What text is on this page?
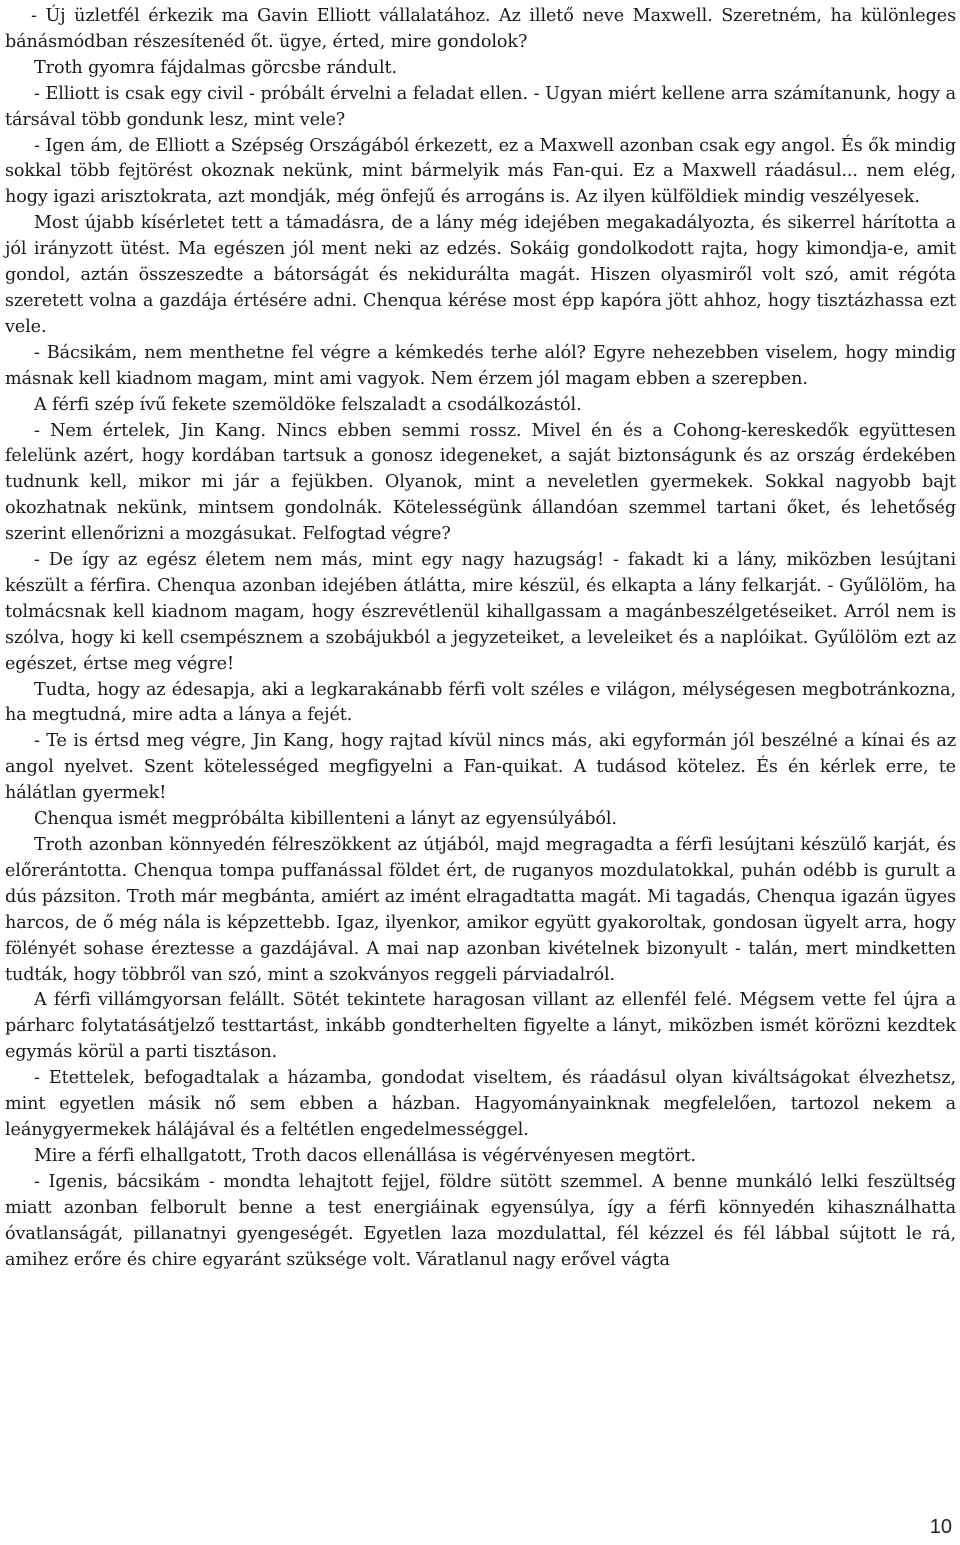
- Új üzletfél érkezik ma Gavin Elliott vállalatához. Az illető neve Maxwell. Szeretném, ha különleges bánásmódban részesítenéd őt. ügye, érted, mire gondolok?

Troth gyomra fájdalmas görcsbe rándult.

- Elliott is csak egy civil - próbált érvelni a feladat ellen. - Ugyan miért kellene arra számítanunk, hogy a társával több gondunk lesz, mint vele?

- Igen ám, de Elliott a Szépség Országából érkezett, ez a Maxwell azonban csak egy angol. És ők mindig sokkal több fejtörést okoznak nekünk, mint bármelyik más Fan-qui. Ez a Maxwell ráadásul... nem elég, hogy igazi arisztokrata, azt mondják, még önfejű és arrogáns is. Az ilyen külföldiek mindig veszélyesek.

Most újabb kísérletet tett a támadásra, de a lány még idejében megakadályozta, és sikerrel hárította a jól irányzott ütést. Ma egészen jól ment neki az edzés. Sokáig gondolkodott rajta, hogy kimondja-e, amit gondol, aztán összeszedte a bátorságát és nekidurálta magát. Hiszen olyasmiről volt szó, amit régóta szeretett volna a gazdája értésére adni. Chenqua kérése most épp kapóra jött ahhoz, hogy tisztázhassa ezt vele.

- Bácsikám, nem menthetne fel végre a kémkedés terhe alól? Egyre nehezebben viselem, hogy mindig másnak kell kiadnom magam, mint ami vagyok. Nem érzem jól magam ebben a szerepben.

A férfi szép ívű fekete szemöldöke felszaladt a csodálkozástól.

- Nem értelek, Jin Kang. Nincs ebben semmi rossz. Mivel én és a Cohong-kereskedők együttesen felelünk azért, hogy kordában tartsuk a gonosz idegeneket, a saját biztonságunk és az ország érdekében tudnunk kell, mikor mi jár a fejükben. Olyanok, mint a neveletlen gyermekek. Sokkal nagyobb bajt okozhatnak nekünk, mintsem gondolnák. Kötelességünk állandóan szemmel tartani őket, és lehetőség szerint ellenőrizni a mozgásukat. Felfogtad végre?

- De így az egész életem nem más, mint egy nagy hazugság! - fakadt ki a lány, miközben lesújtani készült a férfira. Chenqua azonban idejében átlátta, mire készül, és elkapta a lány felkarját. - Gyűlölöm, ha tolmácsnak kell kiadnom magam, hogy észrevétlenül kihallgassam a magánbeszélgetéseiket. Arról nem is szólva, hogy ki kell csempésznem a szobájukból a jegyzeteiket, a leveleiket és a naplóikat. Gyűlölöm ezt az egészet, értse meg végre!

Tudta, hogy az édesapja, aki a legkarakánabb férfi volt széles e világon, mélységesen megbotránkozna, ha megtudná, mire adta a lánya a fejét.

- Te is értsd meg végre, Jin Kang, hogy rajtad kívül nincs más, aki egyformán jól beszélné a kínai és az angol nyelvet. Szent kötelességed megfigyelni a Fan-quikat. A tudásod kötelez. És én kérlek erre, te hálátlan gyermek!

Chenqua ismét megpróbálta kibillenteni a lányt az egyensúlyából.

Troth azonban könnyedén félreszökkent az útjából, majd megragadta a férfi lesújtani készülő karját, és előrerántotta. Chenqua tompa puffanással földet ért, de ruganyos mozdulatokkal, puhán odébb is gurult a dús pázsiton. Troth már megbánta, amiért az imént elragadtatta magát. Mi tagadás, Chenqua igazán ügyes harcos, de ő még nála is képzettebb. Igaz, ilyenkor, amikor együtt gyakoroltak, gondosan ügyelt arra, hogy fölényét sohase éreztesse a gazdájával. A mai nap azonban kivételnek bizonyult - talán, mert mindketten tudták, hogy többről van szó, mint a szokványos reggeli párviadalról.

A férfi villámgyorsan felállt. Sötét tekintete haragosan villant az ellenfél felé. Mégsem vette fel újra a párharc folytatásátjelző testtartást, inkább gondterhelten figyelte a lányt, miközben ismét körözni kezdtek egymás körül a parti tisztáson.

- Etettelek, befogadtalak a házamba, gondodat viseltem, és ráadásul olyan kiváltságokat élvezhetsz, mint egyetlen másik nő sem ebben a házban. Hagyományainknak megfelelően, tartozol nekem a leánygyermekek hálájával és a feltétlen engedelmességgel.

Mire a férfi elhallgatott, Troth dacos ellenállása is végérvényesen megtört.

- Igenis, bácsikám - mondta lehajtott fejjel, földre sütött szemmel. A benne munkáló lelki feszültség miatt azonban felborult benne a test energiáinak egyensúlya, így a férfi könnyedén kihasználhatta óvatlanságát, pillanatnyi gyengeségét. Egyetlen laza mozdulattal, fél kézzel és fél lábbal sújtott le rá, amihez erőre és chire egyaránt szüksége volt. Váratlanul nagy erővel vágta

10
